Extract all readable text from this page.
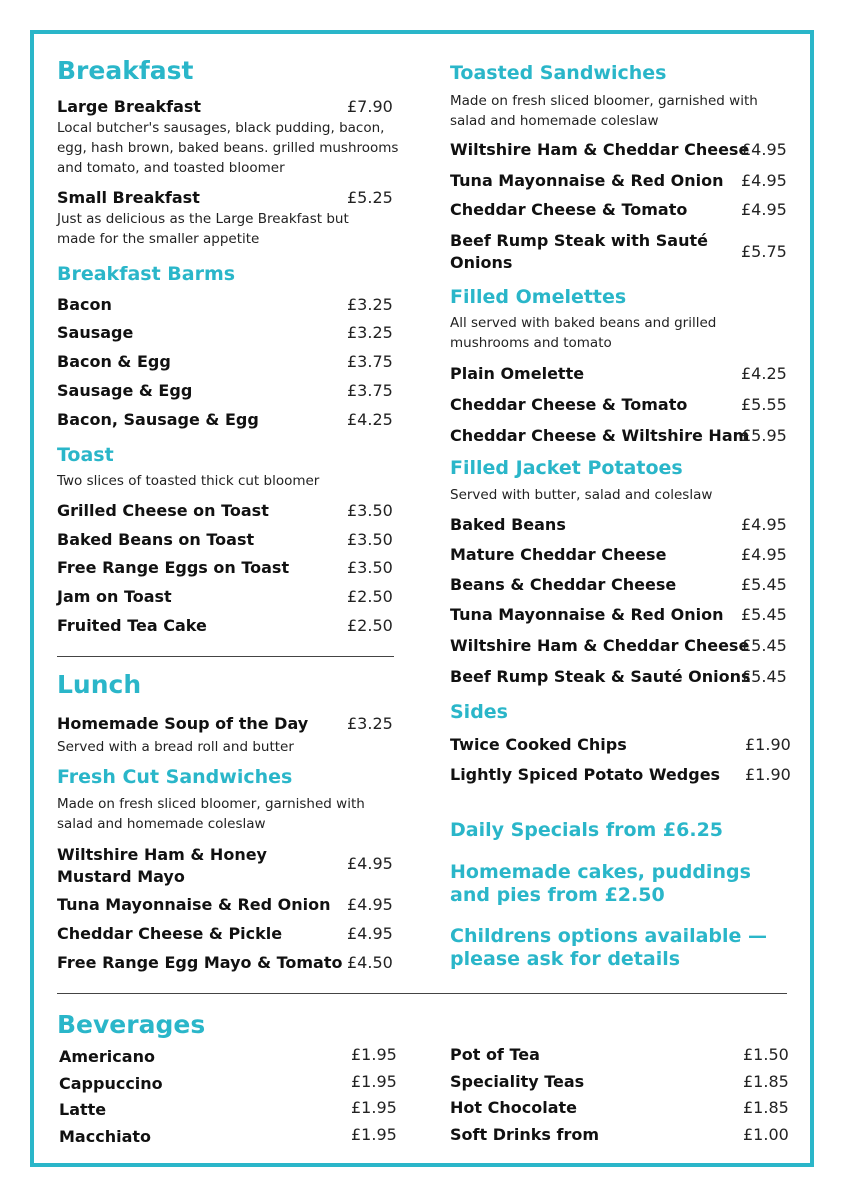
Breakfast
Large Breakfast	£7.90
Local butcher's sausages, black pudding, bacon, egg, hash brown, baked beans. grilled mushrooms and tomato, and toasted bloomer
Small Breakfast	£5.25
Just as delicious as the Large Breakfast but made for the smaller appetite
Breakfast Barms
Bacon	£3.25
Sausage	£3.25
Bacon & Egg	£3.75
Sausage & Egg	£3.75
Bacon, Sausage & Egg	£4.25
Toast
Two slices of toasted thick cut bloomer
Grilled Cheese on Toast	£3.50
Baked Beans on Toast	£3.50
Free Range Eggs on Toast	£3.50
Jam on Toast	£2.50
Fruited Tea Cake	£2.50
Lunch
Homemade Soup of the Day £3.25
Served with a bread roll and butter
Fresh Cut Sandwiches
Made on fresh sliced bloomer, garnished with salad and homemade coleslaw
Wiltshire Ham & Honey Mustard Mayo
£4.95
Tuna Mayonnaise & Red Onion £4.95
Cheddar Cheese & Pickle	£4.95
Free Range Egg Mayo & Tomato £4.50
Toasted Sandwiches
Made on fresh sliced bloomer, garnished with salad and homemade coleslaw
Wiltshire Ham & Cheddar Cheese
£4.95
Tuna Mayonnaise & Red Onion £4.95
Cheddar Cheese & Tomato	£4.95
Beef Rump Steak with Sauté Onions
£5.75
Filled Omelettes
All served with baked beans and grilled mushrooms and tomato
Plain Omelette	£4.25
Cheddar Cheese & Tomato	£5.55
Cheddar Cheese & Wiltshire Ham
£5.95
Filled Jacket Potatoes
Served with butter, salad and coleslaw
Baked Beans	£4.95
Mature Cheddar Cheese	£4.95
Beans & Cheddar Cheese	£5.45
Tuna Mayonnaise & Red Onion £5.45
Wiltshire Ham & Cheddar Cheese
£5.45
Beef Rump Steak & Sauté Onions
£5.45
Sides
Twice Cooked Chips	£1.90
Lightly Spiced Potato Wedges £1.90
Daily Specials from £6.25
Homemade cakes, puddings and pies from £2.50
Childrens options available — please ask for details
Beverages
Americano	£1.95
Cappuccino	£1.95
Latte	£1.95
Macchiato	£1.95
Pot of Tea	£1.50
Speciality Teas	£1.85
Hot Chocolate	£1.85
Soft Drinks from	£1.00
